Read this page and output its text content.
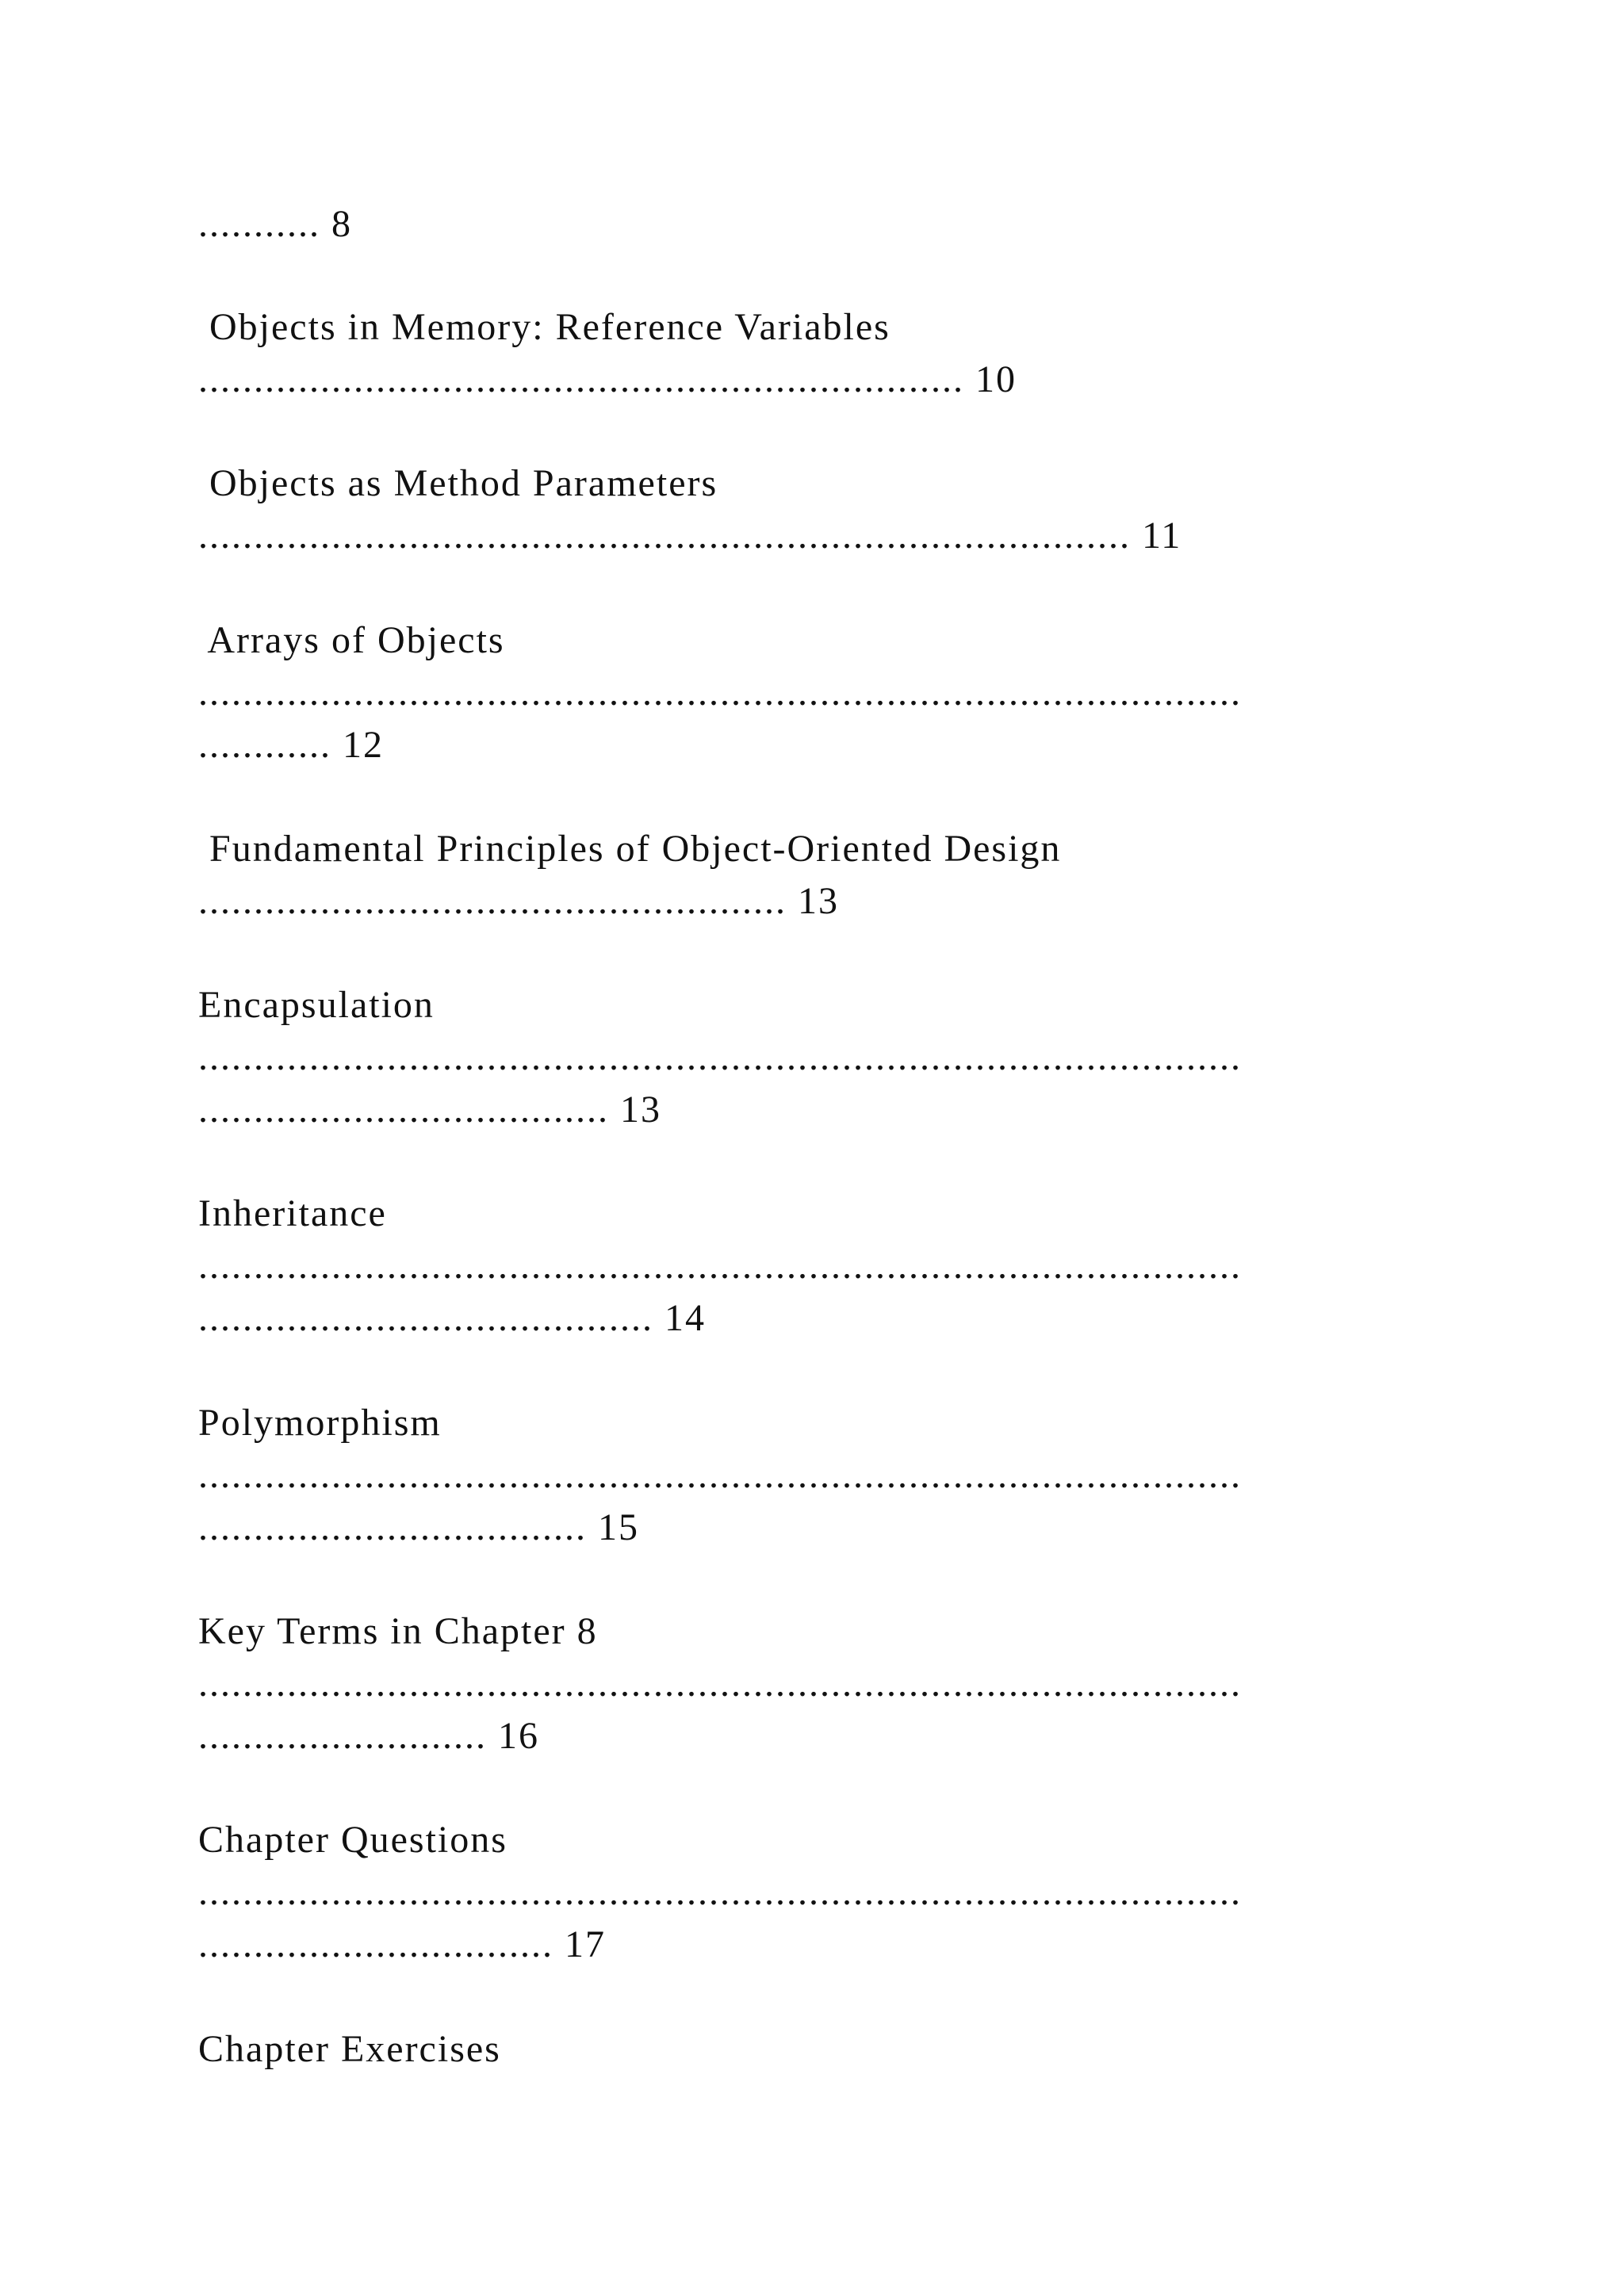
........... 8

Objects in Memory: Reference Variables

..................................................................... 10

Objects as Method Parameters

.................................................................................... 11

Arrays of Objects

..............................................................................................

............ 12

Fundamental Principles of Object-Oriented Design

..................................................... 13

Encapsulation

..............................................................................................

..................................... 13

Inheritance

..............................................................................................

......................................... 14

Polymorphism

..............................................................................................

................................... 15

Key Terms in Chapter 8

..............................................................................................

.......................... 16

Chapter Questions

..............................................................................................

................................ 17

Chapter Exercises
